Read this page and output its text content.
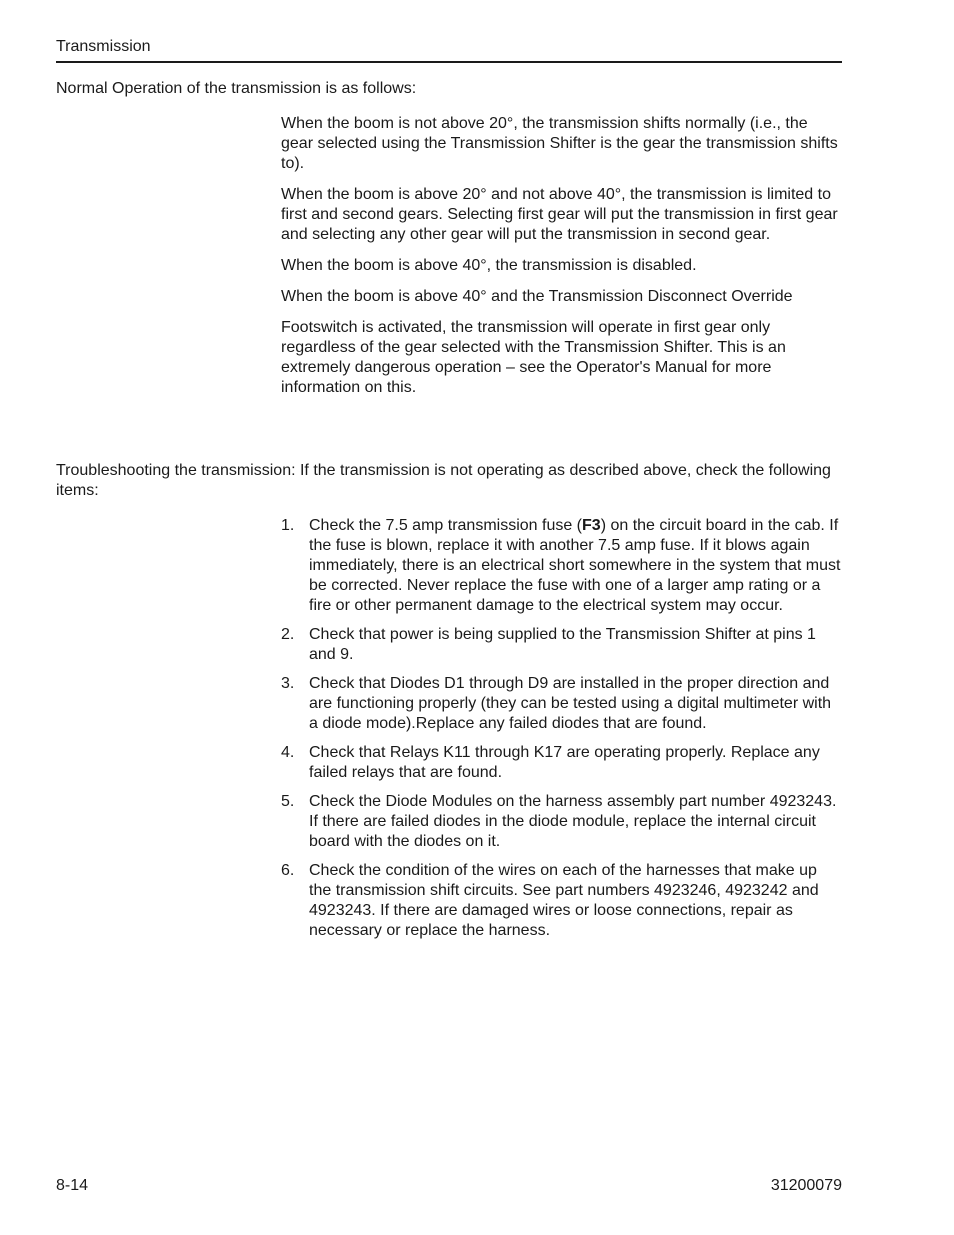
Transmission

Normal Operation of the transmission is as follows:

When the boom is not above 20°, the transmission shifts normally (i.e., the gear selected using the Transmission Shifter is the gear the transmission shifts to).

When the boom is above 20° and not above 40°, the transmission is limited to first and second gears. Selecting first gear will put the transmission in first gear and selecting any other gear will put the transmission in second gear.

When the boom is above 40°, the transmission is disabled.

When the boom is above 40° and the Transmission Disconnect Override

Footswitch is activated, the transmission will operate in first gear only regardless of the gear selected with the Transmission Shifter. This is an extremely dangerous operation – see the Operator's Manual for more information on this.

Troubleshooting the transmission: If the transmission is not operating as described above, check the following items:

1. Check the 7.5 amp transmission fuse (F3) on the circuit board in the cab. If the fuse is blown, replace it with another 7.5 amp fuse. If it blows again immediately, there is an electrical short somewhere in the system that must be corrected. Never replace the fuse with one of a larger amp rating or a fire or other permanent damage to the electrical system may occur.
2. Check that power is being supplied to the Transmission Shifter at pins 1 and 9.
3. Check that Diodes D1 through D9 are installed in the proper direction and are functioning properly (they can be tested using a digital multimeter with a diode mode).Replace any failed diodes that are found.
4. Check that Relays K11 through K17 are operating properly. Replace any failed relays that are found.
5. Check the Diode Modules on the harness assembly part number 4923243. If there are failed diodes in the diode module, replace the internal circuit board with the diodes on it.
6. Check the condition of the wires on each of the harnesses that make up the transmission shift circuits. See part numbers 4923246, 4923242 and 4923243. If there are damaged wires or loose connections, repair as necessary or replace the harness.
8-14	31200079
